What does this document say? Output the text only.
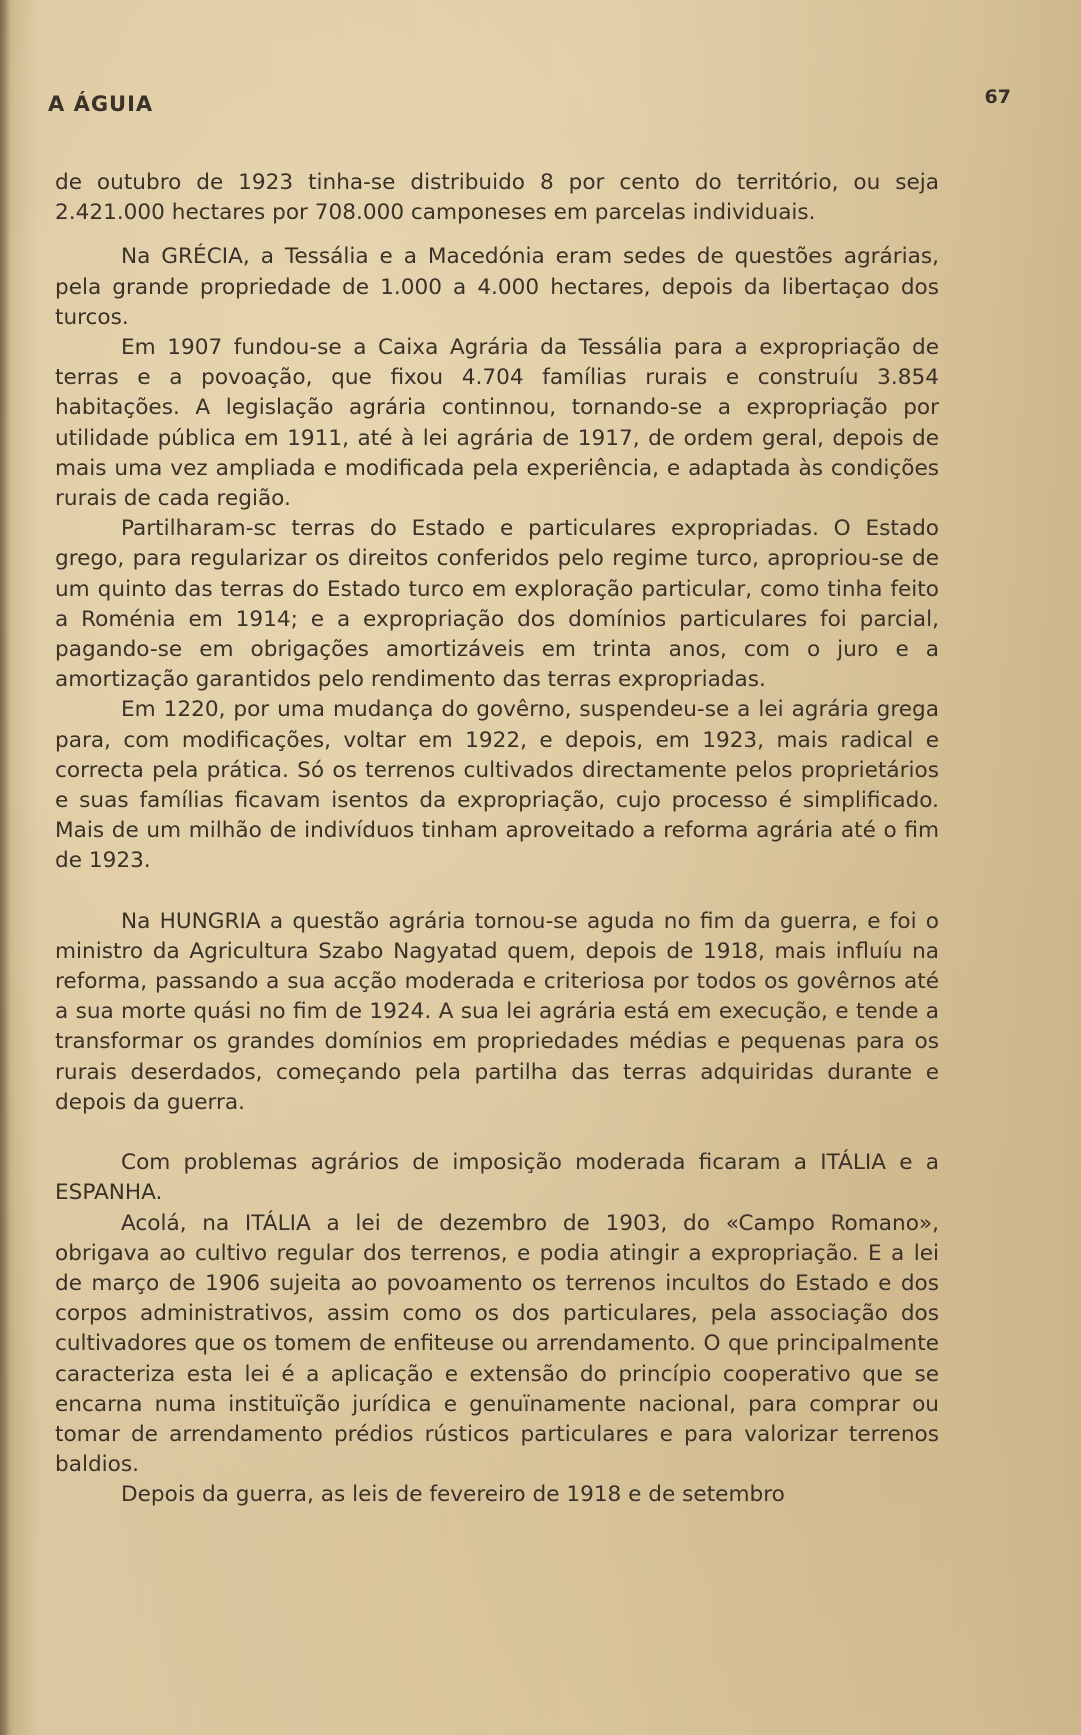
A ÁGUIA	67

de outubro de 1923 tinha-se distribuido 8 por cento do território, ou seja 2.421.000 hectares por 708.000 camponeses em parcelas individuais.

Na GRÉCIA, a Tessália e a Macedónia eram sedes de questões agrárias, pela grande propriedade de 1.000 a 4.000 hectares, depois da libertaçao dos turcos.

Em 1907 fundou-se a Caixa Agrária da Tessália para a expropriação de terras e a povoação, que fixou 4.704 famílias rurais e construíu 3.854 habitações. A legislação agrária continnou, tornando-se a expropriação por utilidade pública em 1911, até à lei agrária de 1917, de ordem geral, depois de mais uma vez ampliada e modificada pela experiência, e adaptada às condições rurais de cada região.

Partilharam-sc terras do Estado e particulares expropriadas. O Estado grego, para regularizar os direitos conferidos pelo regime turco, apropriou-se de um quinto das terras do Estado turco em exploração particular, como tinha feito a Roménia em 1914; e a expropriação dos domínios particulares foi parcial, pagando-se em obrigações amortizáveis em trinta anos, com o juro e a amortização garantidos pelo rendimento das terras expropriadas.

Em 1220, por uma mudança do govêrno, suspendeu-se a lei agrária grega para, com modificações, voltar em 1922, e depois, em 1923, mais radical e correcta pela prática. Só os terrenos cultivados directamente pelos proprietários e suas famílias ficavam isentos da expropriação, cujo processo é simplificado. Mais de um milhão de indivíduos tinham aproveitado a reforma agrária até o fim de 1923.

Na HUNGRIA a questão agrária tornou-se aguda no fim da guerra, e foi o ministro da Agricultura Szabo Nagyatad quem, depois de 1918, mais influíu na reforma, passando a sua acção moderada e criteriosa por todos os govêrnos até a sua morte quási no fim de 1924. A sua lei agrária está em execução, e tende a transformar os grandes domínios em propriedades médias e pequenas para os rurais deserdados, começando pela partilha das terras adquiridas durante e depois da guerra.

Com problemas agrários de imposição moderada ficaram a ITÁLIA e a ESPANHA.

Acolá, na ITÁLIA a lei de dezembro de 1903, do «Campo Romano», obrigava ao cultivo regular dos terrenos, e podia atingir a expropriação. E a lei de março de 1906 sujeita ao povoamento os terrenos incultos do Estado e dos corpos administrativos, assim como os dos particulares, pela associação dos cultivadores que os tomem de enfiteuse ou arrendamento. O que principalmente caracteriza esta lei é a aplicação e extensão do princípio cooperativo que se encarna numa instituïção jurídica e genuïnamente nacional, para comprar ou tomar de arrendamento prédios rústicos particulares e para valorizar terrenos baldios.

Depois da guerra, as leis de fevereiro de 1918 e de setembro
